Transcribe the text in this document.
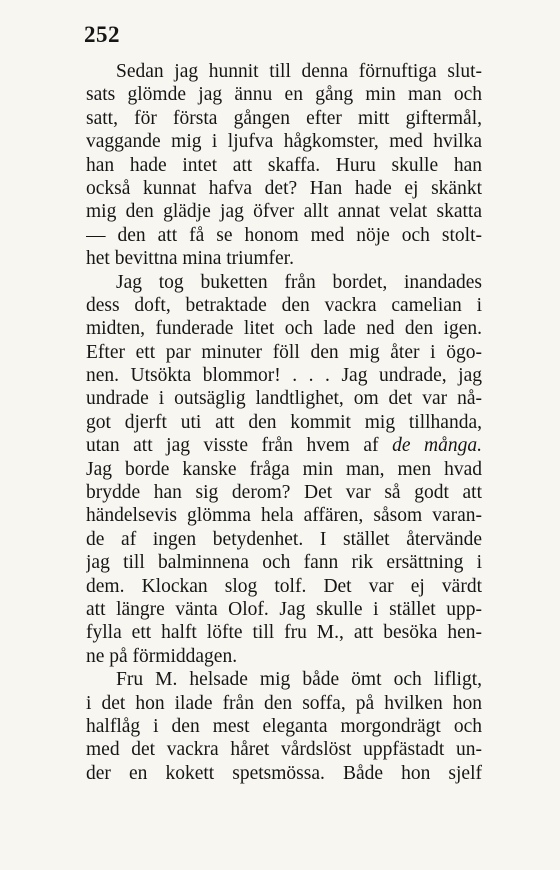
252
Sedan jag hunnit till denna förnuftiga slut-
sats glömde jag ännu en gång min man och
satt, för första gången efter mitt giftermål,
vaggande mig i ljufva hågkomster, med hvilka
han hade intet att skaffa. Huru skulle han
också kunnat hafva det? Han hade ej skänkt
mig den glädje jag öfver allt annat velat skatta
— den att få se honom med nöje och stolt-
het bevittna mina triumfer.
Jag tog buketten från bordet, inandades
dess doft, betraktade den vackra camelian i
midten, funderade litet och lade ned den igen.
Efter ett par minuter föll den mig åter i ögo-
nen. Utsökta blommor! . . . Jag undrade, jag
undrade i outsäglig landtlighet, om det var nå-
got djerft uti att den kommit mig tillhanda,
utan att jag visste från hvem af de många.
Jag borde kanske fråga min man, men hvad
brydde han sig derom? Det var så godt att
händelsevis glömma hela affären, såsom varan-
de af ingen betydenhet. I stället återvände
jag till balminnena och fann rik ersättning i
dem. Klockan slog tolf. Det var ej värdt
att längre vänta Olof. Jag skulle i stället upp-
fylla ett halft löfte till fru M., att besöka hen-
ne på förmiddagen.
Fru M. helsade mig både ömt och lifligt,
i det hon ilade från den soffa, på hvilken hon
halflåg i den mest eleganta morgondrägt och
med det vackra håret vårdslöst uppfästadt un-
der en kokett spetsmössa. Både hon sjelf
